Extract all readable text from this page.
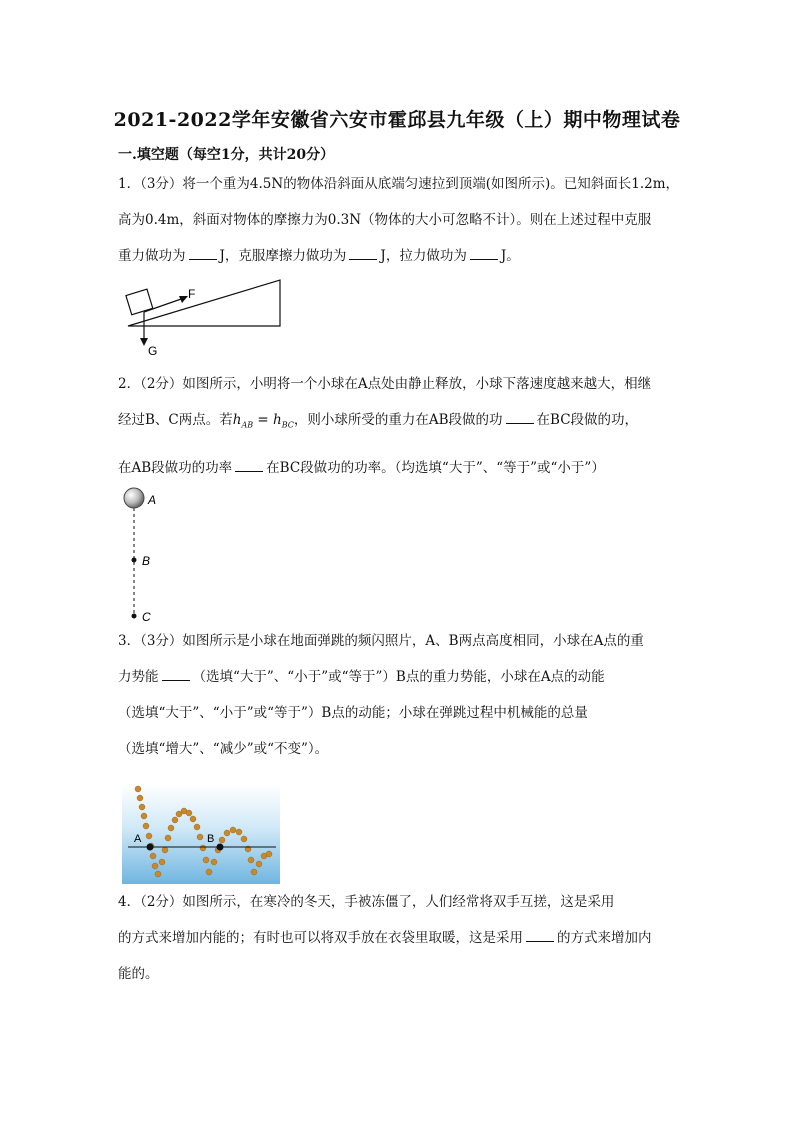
2021-2022学年安徽省六安市霍邱县九年级（上）期中物理试卷
一.填空题（每空1分，共计20分）

1．（3分）将一个重为4.5N的物体沿斜面从底端匀速拉到顶端(如图所示)。已知斜面长1.2m，

高为0.4m，斜面对物体的摩擦力为0.3N（物体的大小可忽略不计）。则在上述过程中克服

重力做功为	J，克服摩擦力做功为	J，拉力做功为	J。

F
G

2．（2分）如图所示，小明将一个小球在A点处由静止释放，小球下落速度越来越大，相继

经过B、C两点。若$h_{AB} = h_{BC}$，则小球所受的重力在AB段做的功	在BC段做的功，

在AB段做功的功率	在BC段做功的功率。（均选填“大于”、“等于”或“小于”）

A
B
C

3．（3分）如图所示是小球在地面弹跳的频闪照片，A、B两点高度相同，小球在A点的重

力势能	（选填“大于”、“小于”或“等于”）B点的重力势能，小球在A点的动能

（选填“大于”、“小于”或“等于”）B点的动能；小球在弹跳过程中机械能的总量

（选填“增大”、“减少”或“不变”）。

A	B

4．（2分）如图所示，在寒冷的冬天，手被冻僵了，人们经常将双手互搓，这是采用

的方式来增加内能的；有时也可以将双手放在衣袋里取暖，这是采用	的方式来增加内

能的。
